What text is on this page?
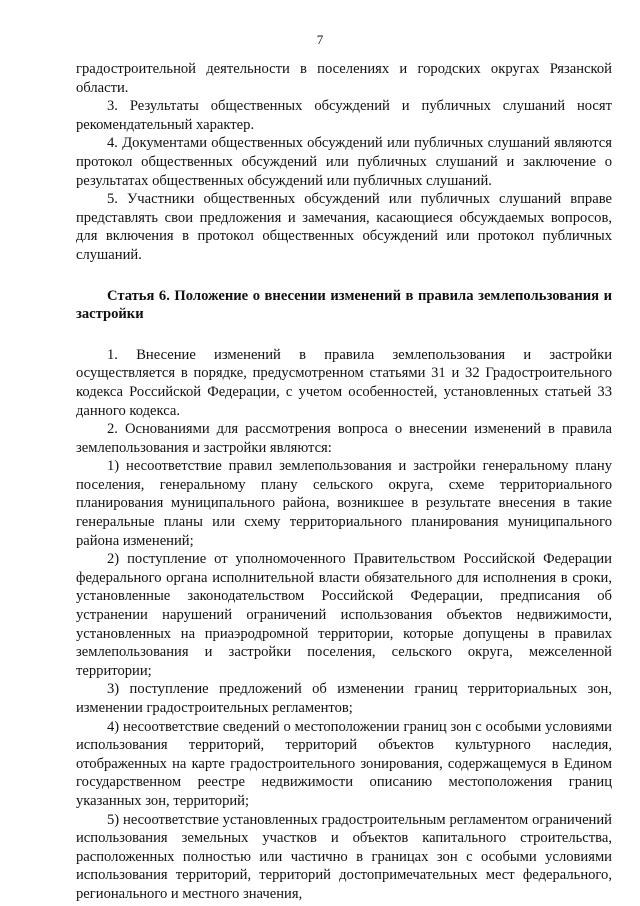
7

градостроительной деятельности в поселениях и городских округах Рязанской области.

3. Результаты общественных обсуждений и публичных слушаний носят рекомендательный характер.

4. Документами общественных обсуждений или публичных слушаний являются протокол общественных обсуждений или публичных слушаний и заключение о результатах общественных обсуждений или публичных слушаний.

5. Участники общественных обсуждений или публичных слушаний вправе представлять свои предложения и замечания, касающиеся обсуждаемых вопросов, для включения в протокол общественных обсуждений или протокол публичных слушаний.

Статья 6. Положение о внесении изменений в правила землепользования и застройки

1. Внесение изменений в правила землепользования и застройки осуществляется в порядке, предусмотренном статьями 31 и 32 Градостроительного кодекса Российской Федерации, с учетом особенностей, установленных статьей 33 данного кодекса.

2. Основаниями для рассмотрения вопроса о внесении изменений в правила землепользования и застройки являются:

1) несоответствие правил землепользования и застройки генеральному плану поселения, генеральному плану сельского округа, схеме территориального планирования муниципального района, возникшее в результате внесения в такие генеральные планы или схему территориального планирования муниципального района изменений;

2) поступление от уполномоченного Правительством Российской Федерации федерального органа исполнительной власти обязательного для исполнения в сроки, установленные законодательством Российской Федерации, предписания об устранении нарушений ограничений использования объектов недвижимости, установленных на приаэродромной территории, которые допущены в правилах землепользования и застройки поселения, сельского округа, межселенной территории;

3) поступление предложений об изменении границ территориальных зон, изменении градостроительных регламентов;

4) несоответствие сведений о местоположении границ зон с особыми условиями использования территорий, территорий объектов культурного наследия, отображенных на карте градостроительного зонирования, содержащемуся в Едином государственном реестре недвижимости описанию местоположения границ указанных зон, территорий;

5) несоответствие установленных градостроительным регламентом ограничений использования земельных участков и объектов капитального строительства, расположенных полностью или частично в границах зон с особыми условиями использования территорий, территорий достопримечательных мест федерального, регионального и местного значения,
